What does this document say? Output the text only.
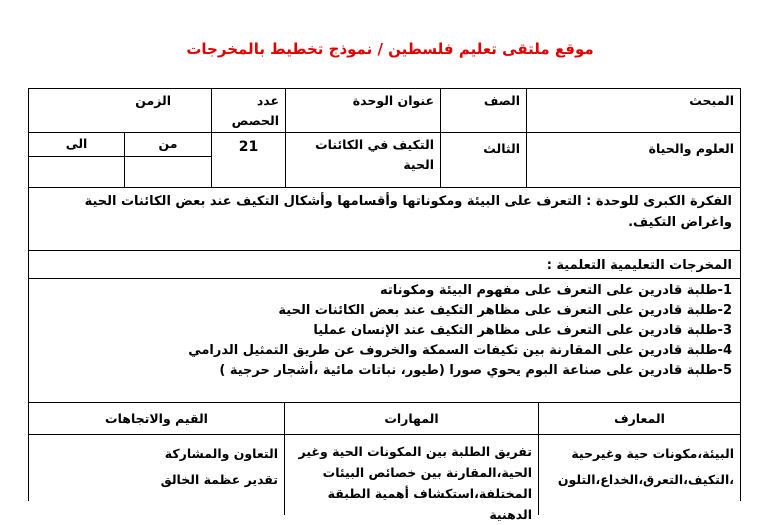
موقع ملتقى تعليم فلسطين / نموذج تخطيط بالمخرجات
المبحث
الصف
عنوان الوحدة
عدد الحصص
الزمن
العلوم والحياة
الثالث
التكيف في الكائنات الحية
21
من
الى
الفكرة الكبرى للوحدة : التعرف على البيئة ومكوناتها وأقسامها وأشكال التكيف عند بعض الكائنات الحية واغراض التكيف.
المخرجات التعليمية التعلمية :
1-طلبة قادرين على التعرف على مفهوم البيئة ومكوناته
2-طلبة قادرين على التعرف على مظاهر التكيف عند بعض الكائنات الحية
3-طلبة قادرين على التعرف على مظاهر التكيف عند الإنسان عمليا
4-طلبة قادرين على المقارنة بين تكيفات السمكة والخروف عن طريق التمثيل الدرامي
5-طلبة قادرين على صناعة البوم يحوي صورا (طيور، نباتات مائية ،أشجار حرجية )
المعارف
المهارات
القيم والاتجاهات
البيئة،مكونات حية وغيرحية
،التكيف،التعرق،الخداع،التلون
تفريق الطلبة بين المكونات الحية وغير
الحية،المقارنة بين خصائص البيئات
المختلفة،استكشاف أهمية الطبقة الدهنية
التعاون والمشاركة
تقدير عظمة الخالق
